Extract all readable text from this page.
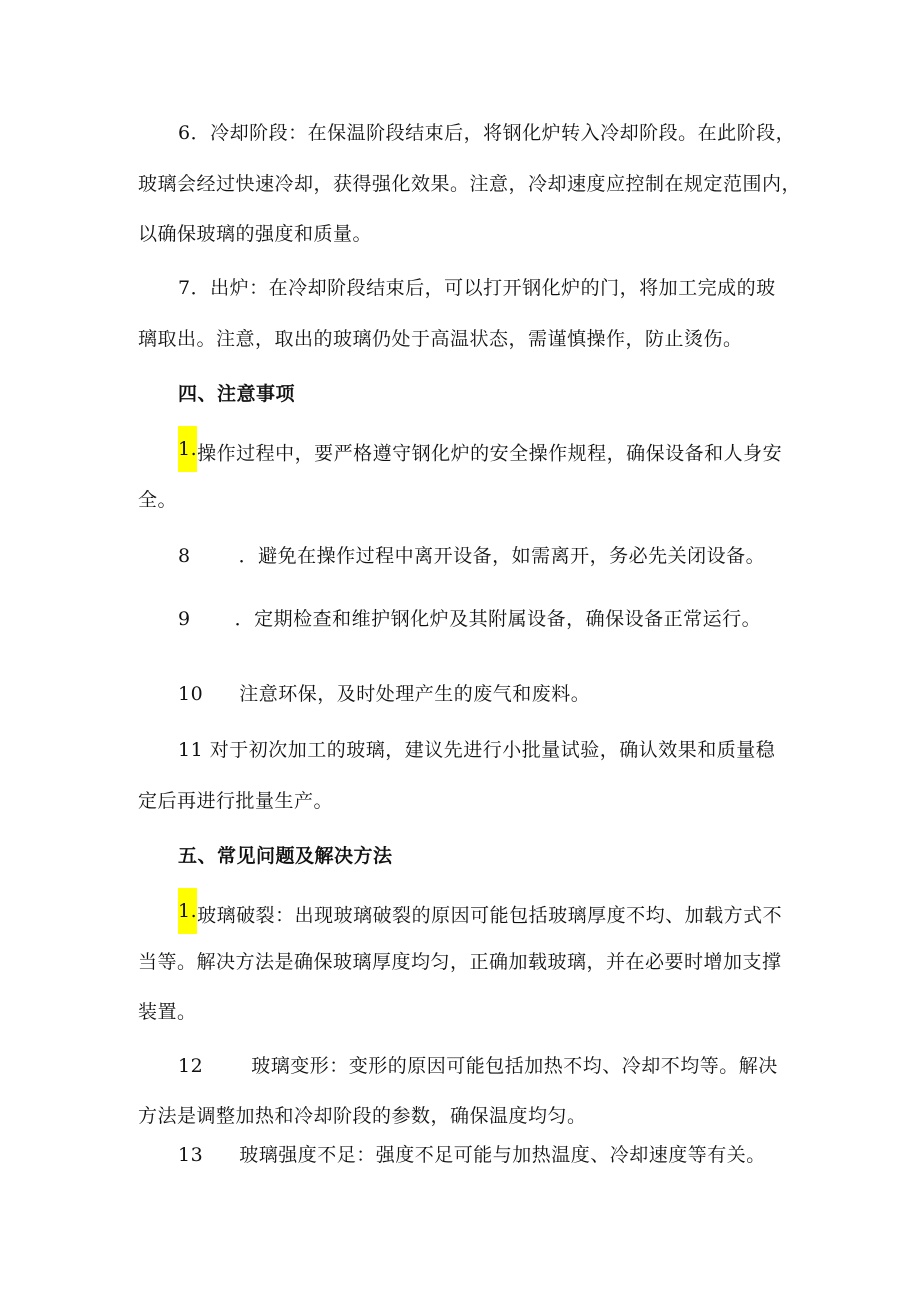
6．冷却阶段：在保温阶段结束后，将钢化炉转入冷却阶段。在此阶段，
玻璃会经过快速冷却，获得强化效果。注意，冷却速度应控制在规定范围内，
以确保玻璃的强度和质量。
7．出炉：在冷却阶段结束后，可以打开钢化炉的门，将加工完成的玻
璃取出。注意，取出的玻璃仍处于高温状态，需谨慎操作，防止烫伤。
四、注意事项
1.操作过程中，要严格遵守钢化炉的安全操作规程，确保设备和人身安
全。
8	．避免在操作过程中离开设备，如需离开，务必先关闭设备。
9 ．定期检查和维护钢化炉及其附属设备，确保设备正常运行。
10 注意环保，及时处理产生的废气和废料。
11 对于初次加工的玻璃，建议先进行小批量试验，确认效果和质量稳
定后再进行批量生产。
五、常见问题及解决方法
1.玻璃破裂：出现玻璃破裂的原因可能包括玻璃厚度不均、加载方式不
当等。解决方法是确保玻璃厚度均匀，正确加载玻璃，并在必要时增加支撑
装置。
12	玻璃变形：变形的原因可能包括加热不均、冷却不均等。解决
方法是调整加热和冷却阶段的参数，确保温度均匀。
13 玻璃强度不足：强度不足可能与加热温度、冷却速度等有关。
